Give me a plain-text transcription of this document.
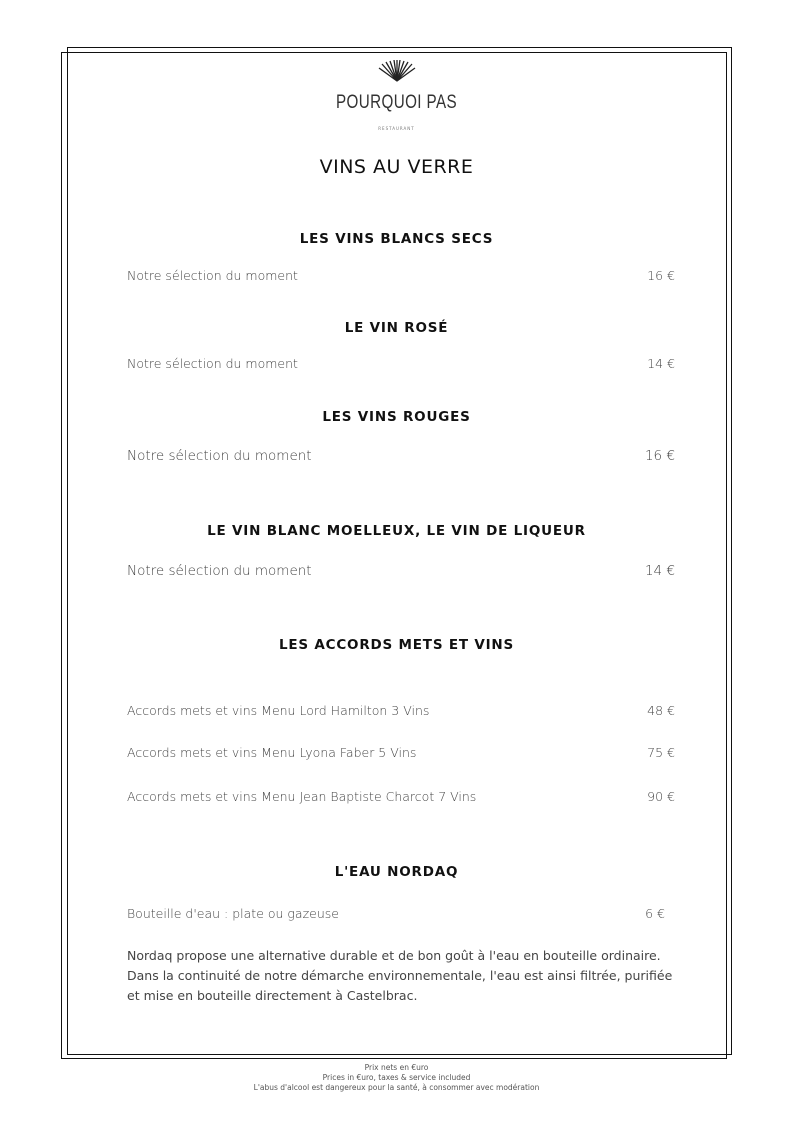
POURQUOI PAS
RESTAURANT
VINS AU VERRE
LES VINS BLANCS SECS
Notre sélection du moment	16 €
LE VIN ROSÉ
Notre sélection du moment	14 €
LES VINS ROUGES
Notre sélection du moment	16 €
LE VIN BLANC MOELLEUX, LE VIN DE LIQUEUR
Notre sélection du moment	14 €
LES ACCORDS METS ET VINS
Accords mets et vins Menu Lord Hamilton 3 Vins	48 €
Accords mets et vins Menu Lyona Faber 5 Vins	75 €
Accords mets et vins Menu Jean Baptiste Charcot 7 Vins	90 €
L'EAU NORDAQ
Bouteille d'eau : plate ou gazeuse	6 €
Nordaq propose une alternative durable et de bon goût à l'eau en bouteille ordinaire. Dans la continuité de notre démarche environnementale, l'eau est ainsi filtrée, purifiée et mise en bouteille directement à Castelbrac.
Prix nets en €uro
Prices in €uro, taxes & service included
L'abus d'alcool est dangereux pour la santé, à consommer avec modération
